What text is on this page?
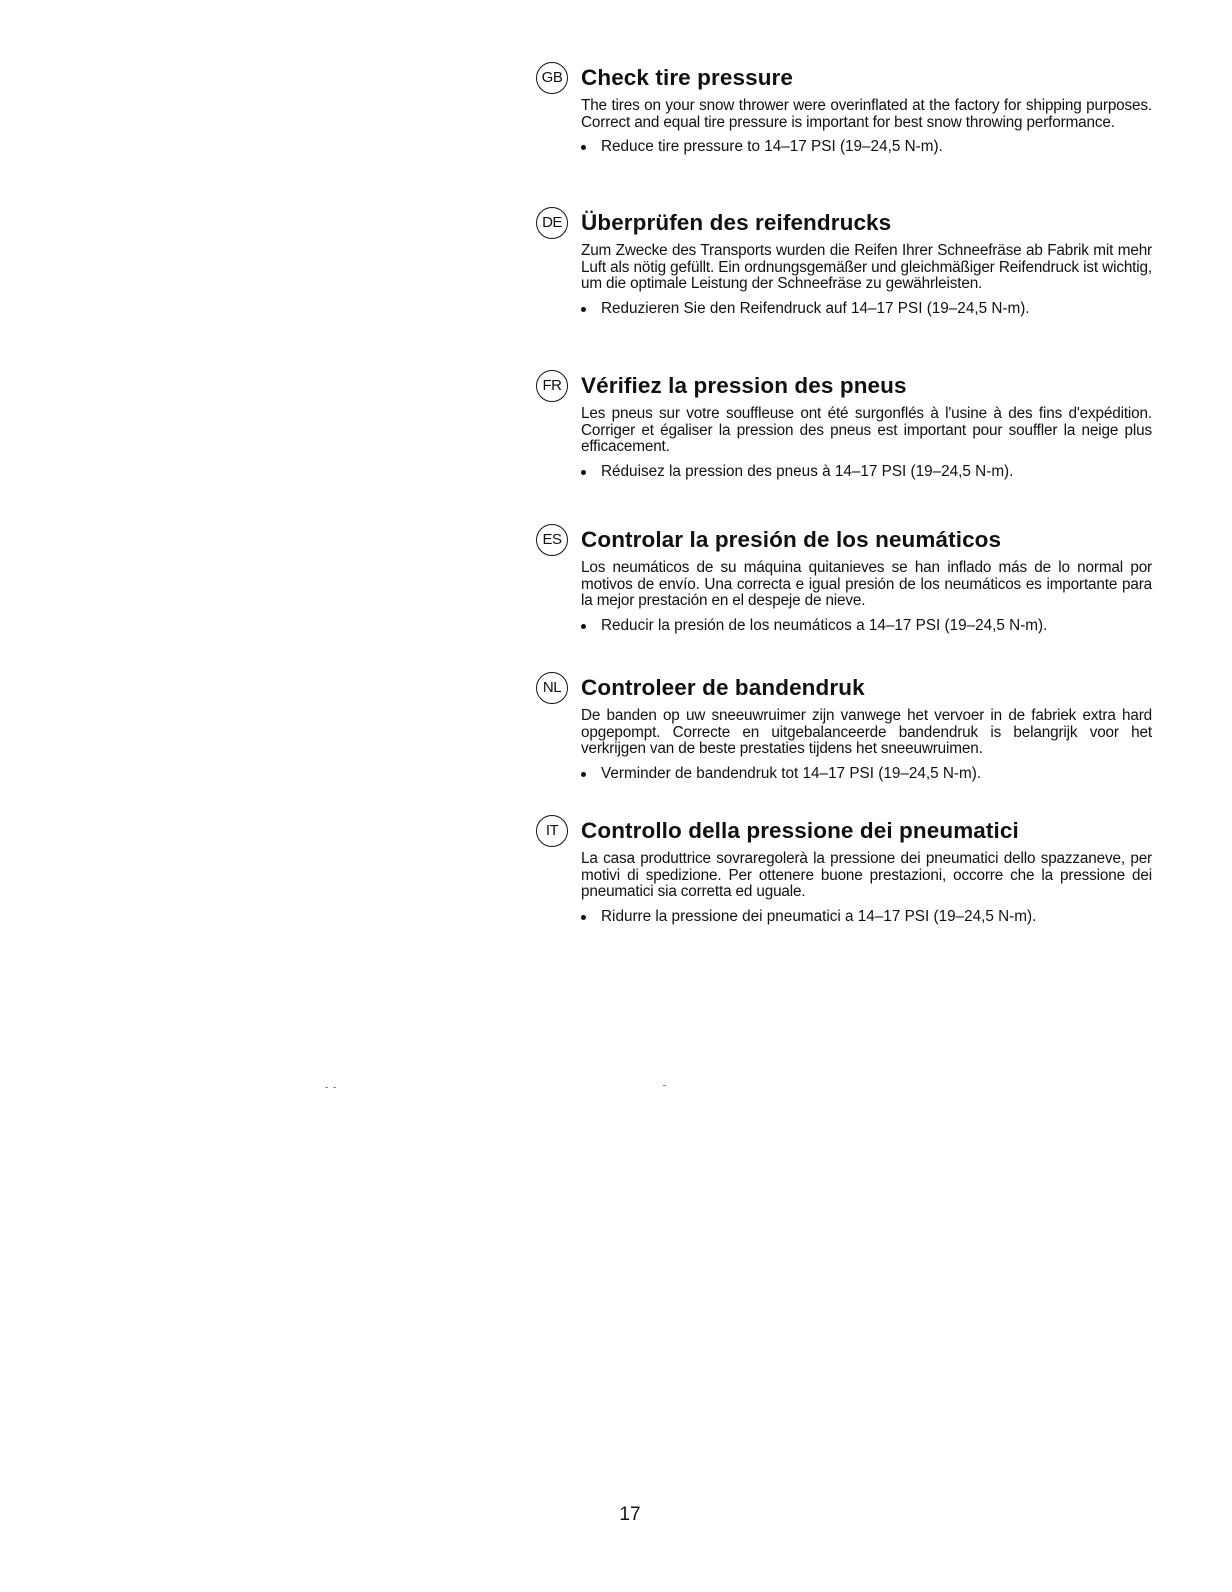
GB Check tire pressure

The tires on your snow thrower were overinflated at the factory for shipping purposes. Correct and equal tire pressure is important for best snow throwing performance.

Reduce tire pressure to 14–17 PSI (19–24,5 N-m).
DE Überprüfen des reifendrucks

Zum Zwecke des Transports wurden die Reifen Ihrer Schneefräse ab Fabrik mit mehr Luft als nötig gefüllt. Ein ordnungsgemäßer und gleichmäßiger Reifendruck ist wichtig, um die optimale Leistung der Schneefräse zu gewährleisten.

Reduzieren Sie den Reifendruck auf 14–17 PSI (19–24,5 N-m).
FR Vérifiez la pression des pneus

Les pneus sur votre souffleuse ont été surgonflés à l'usine à des fins d'expédition. Corriger et égaliser la pression des pneus est important pour souffler la neige plus efficacement.

Réduisez la pression des pneus à 14–17 PSI (19–24,5 N-m).
ES Controlar la presión de los neumáticos

Los neumáticos de su máquina quitanieves se han inflado más de lo normal por motivos de envío. Una correcta e igual presión de los neumáticos es importante para la mejor prestación en el despeje de nieve.

Reducir la presión de los neumáticos a 14–17 PSI (19–24,5 N-m).
NL Controleer de bandendruk

De banden op uw sneeuwruimer zijn vanwege het vervoer in de fabriek extra hard opgepompt. Correcte en uitgebalanceerde bandendruk is belangrijk voor het verkrijgen van de beste prestaties tijdens het sneeuwruimen.

Verminder de bandendruk tot 14–17 PSI (19–24,5 N-m).
IT	Controllo della pressione dei pneumatici

La casa produttrice sovraregolerà la pressione dei pneumatici dello spazzaneve, per motivi di spedizione. Per ottenere buone prestazioni, occorre che la pressione dei pneumatici sia corretta ed uguale.

Ridurre la pressione dei pneumatici a 14–17 PSI (19–24,5 N-m).
17
